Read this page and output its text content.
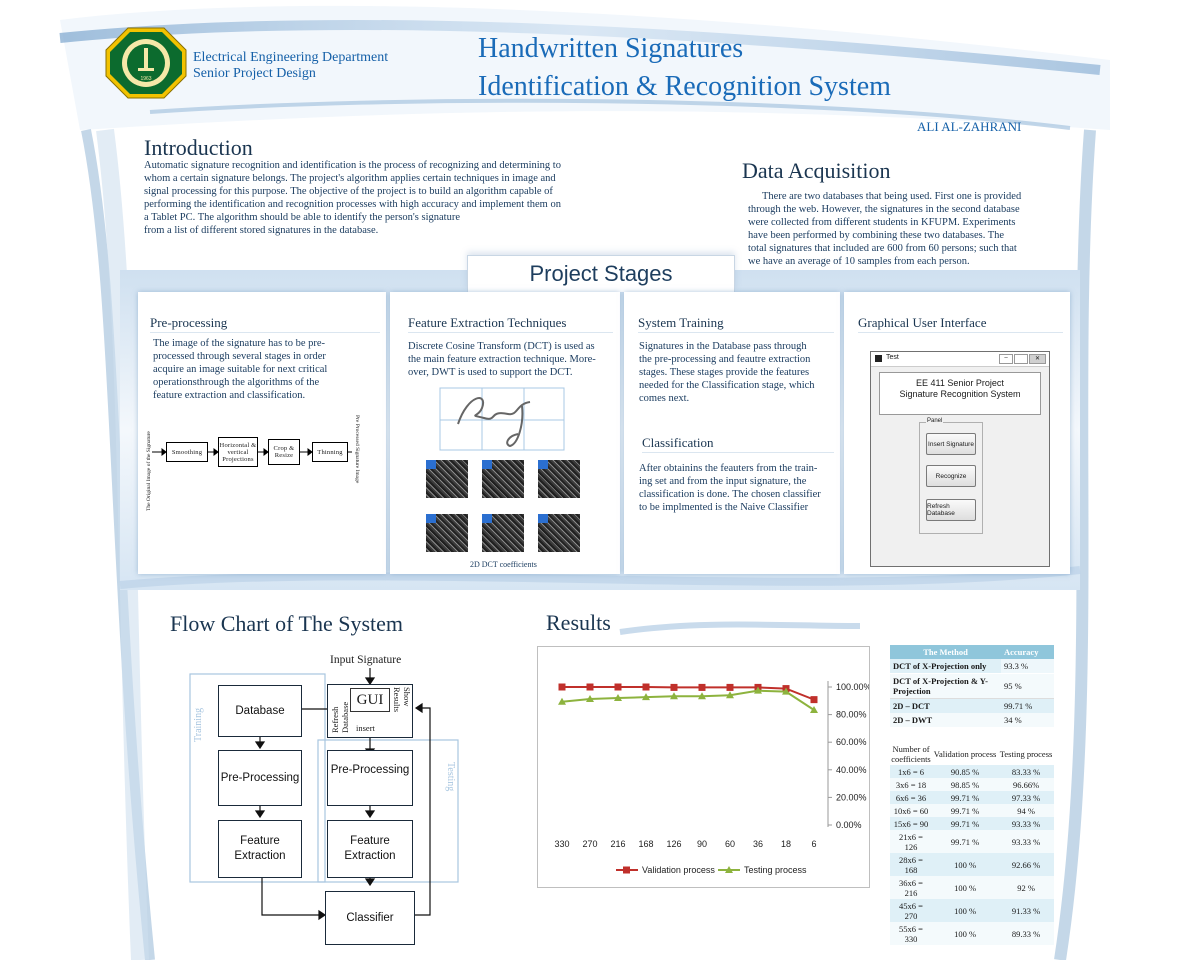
1963
Electrical Engineering Department
Senior Project Design
Handwritten Signatures
Identification & Recognition System
ALI AL-ZAHRANI
Introduction
Automatic signature recognition and identification is the process of recognizing and determining to
whom a certain signature belongs. The project's algorithm applies certain techniques in image and
signal processing for this purpose. The objective of the project is to build an algorithm capable of
performing the identification and recognition processes with high accuracy and implement them on
a Tablet PC. The algorithm should be able to identify the person's signature
from a list of different stored signatures in the database.
Data Acquisition
There are two databases that being used. First one is provided
through the web. However, the signatures in the second database
were collected from different students in KFUPM. Experiments
have been performed by combining these two databases. The
total signatures that included are 600 from 60 persons; such that
we have an average of 10 samples from each person.
Project Stages
Pre-processing
The image of the signature has to be pre-
processed through several stages in order
acquire an image suitable for next critical
operationsthrough the algorithms of the
feature extraction and classification.
The Original Image of the Signature	Pre Processed Signature Image
Smoothing
Horizontal & vertical Projections
Crop & Resize	Thinning
Feature Extraction Techniques
Discrete Cosine Transform (DCT) is used as
the main feature extraction technique. More-
over, DWT is used to support the DCT.
2D DCT coefficients
System Training
Signatures in the Database pass through
the pre-processing and feautre extraction
stages. These stages provide the features
needed for the Classification stage, which
comes next.
Classification
After obtainins the feauters from the train-
ing set and from the input signature, the
classification is done. The chosen classifier
to be implmented is the Naive Classifier
Graphical User Interface
Test	–	✕
EE 411 Senior Project
Signature Recognition System
Panel
Insert Signature
Recognize
Refresh Database
Flow Chart of The System
Input Signature
GUI
Refresh Database
Show Results
insert
Training
Testing
Database
Pre-Processing
Feature Extraction
Pre-Processing
Feature Extraction
Classifier
Results
100.00%
80.00%
60.00%
40.00%
20.00%
0.00%
330 270 216 168 126 90 60 36 18 6
Validation process	Testing process
The Method	Accuracy
DCT of X-Projection only	93.3 %
DCT of X-Projection & Y-Projection	95 %
2D – DCT	99.71 %
2D – DWT	34 %
Number of coefficients	Validation process	Testing process
1x6 = 6	90.85 %	83.33 %
3x6 = 18	98.85 %	96.66%
6x6 = 36	99.71 %	97.33 %
10x6 = 60	99.71 %	94 %
15x6 = 90	99.71 %	93.33 %
21x6 = 126	99.71 %	93.33 %
28x6 = 168	100 %	92.66 %
36x6 = 216	100 %	92 %
45x6 = 270	100 %	91.33 %
55x6 = 330	100 %	89.33 %
